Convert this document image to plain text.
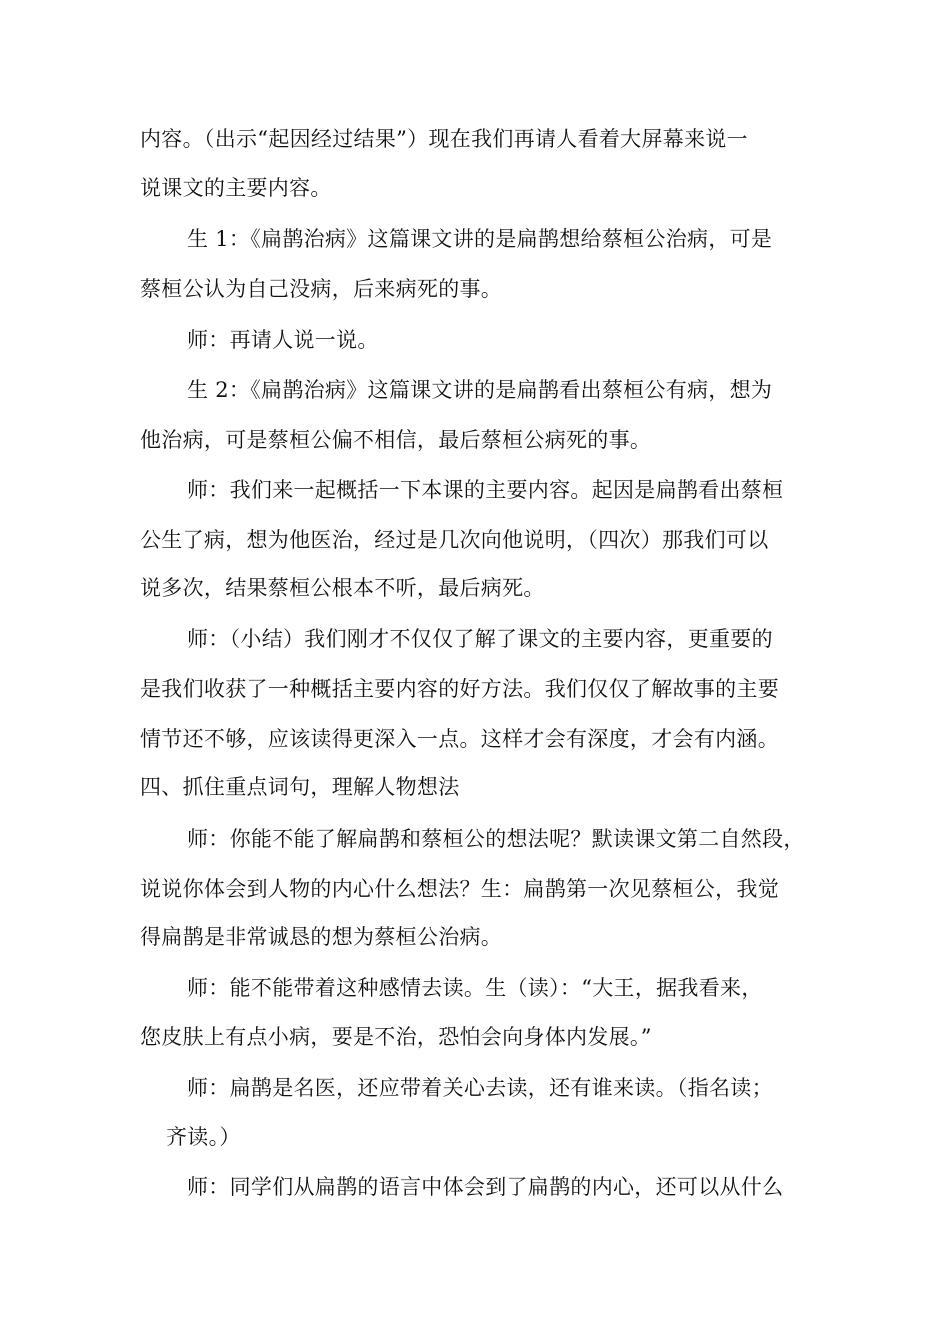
内容。（出示“起因经过结果”）现在我们再请人看着大屏幕来说一
说课文的主要内容。
生 1：《扁鹊治病》这篇课文讲的是扁鹊想给蔡桓公治病，可是
蔡桓公认为自己没病，后来病死的事。
师：再请人说一说。
生 2：《扁鹊治病》这篇课文讲的是扁鹊看出蔡桓公有病，想为
他治病，可是蔡桓公偏不相信，最后蔡桓公病死的事。
师：我们来一起概括一下本课的主要内容。起因是扁鹊看出蔡桓
公生了病，想为他医治，经过是几次向他说明，（四次）那我们可以
说多次，结果蔡桓公根本不听，最后病死。
师：（小结）我们刚才不仅仅了解了课文的主要内容，更重要的
是我们收获了一种概括主要内容的好方法。我们仅仅了解故事的主要
情节还不够，应该读得更深入一点。这样才会有深度，才会有内涵。
四、抓住重点词句，理解人物想法
师：你能不能了解扁鹊和蔡桓公的想法呢？默读课文第二自然段，
说说你体会到人物的内心什么想法？生：扁鹊第一次见蔡桓公，我觉
得扁鹊是非常诚恳的想为蔡桓公治病。
师：能不能带着这种感情去读。生（读）：“大王，据我看来，
您皮肤上有点小病，要是不治，恐怕会向身体内发展。”
师：扁鹊是名医，还应带着关心去读，还有谁来读。（指名读；
齐读。）
师：同学们从扁鹊的语言中体会到了扁鹊的内心，还可以从什么
